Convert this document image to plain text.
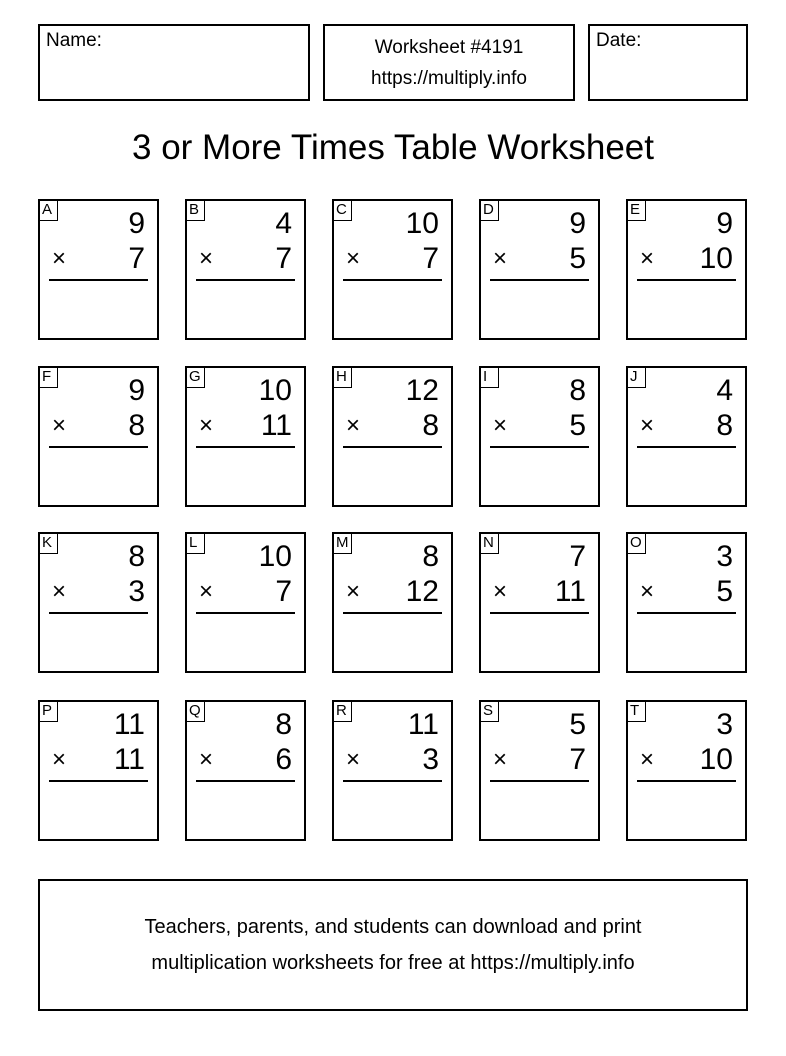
Name:	Worksheet #4191
https://multiply.info
Date:
3 or More Times Table Worksheet
A	9
× 7
B	4
× 7
C 10
× 7
D	9
× 5
E	9
× 10
F	9
× 8
G 10
× 11
H 12
× 8
I	8
× 5
J	4
× 8
K	8
× 3
L 10
× 7
M 8
× 12
N	7
× 11
O 3
× 5
P 11
× 11
Q 8
× 6
R 11
× 3
S	5
× 7
T	3
× 10
Teachers, parents, and students can download and print
multiplication worksheets for free at https://multiply.info
